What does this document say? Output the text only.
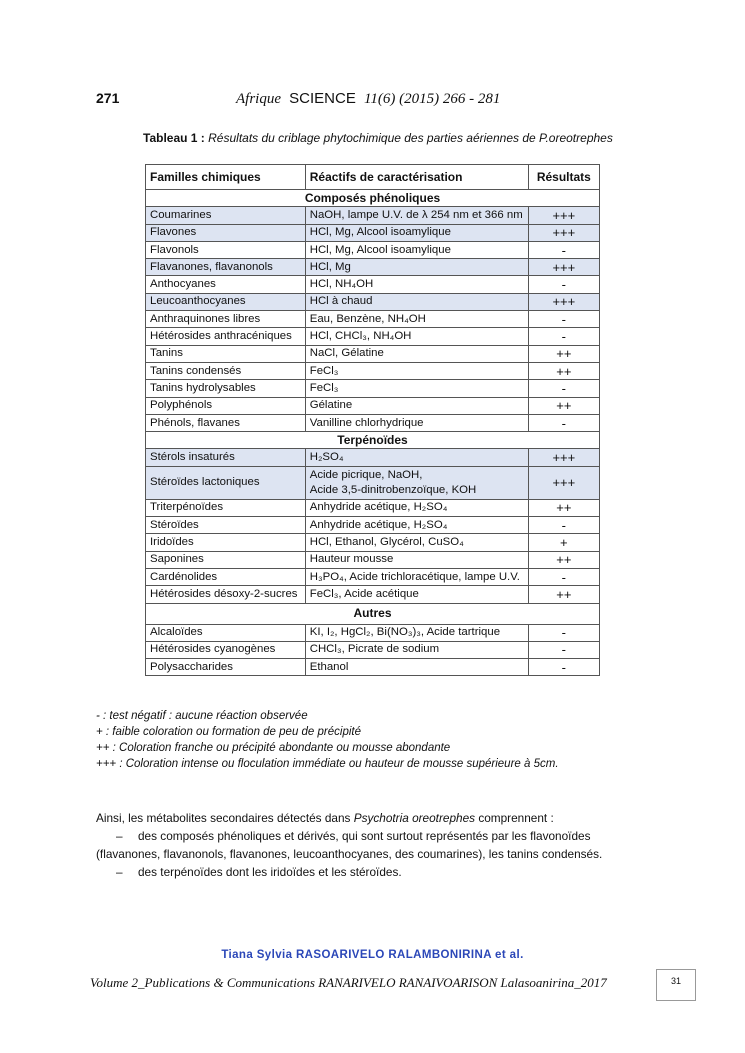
271	Afrique SCIENCE 11(6) (2015) 266 - 281
Tableau 1 : Résultats du criblage phytochimique des parties aériennes de P.oreotrephes
Familles chimiques	Réactifs de caractérisation	Résultats
Composés phénoliques		
Coumarines	NaOH, lampe U.V. de λ 254 nm et 366 nm	+++
Flavones	HCl, Mg, Alcool isoamylique	+++
Flavonols	HCl, Mg, Alcool isoamylique	-
Flavanones, flavanonols	HCl, Mg	+++
Anthocyanes	HCl, NH₄OH	-
Leucoanthocyanes	HCl à chaud	+++
Anthraquinones libres	Eau, Benzène, NH₄OH	-
Hétérosides anthracéniques	HCl, CHCl₃, NH₄OH	-
Tanins	NaCl, Gélatine	++
Tanins condensés	FeCl₃	++
Tanins hydrolysables	FeCl₃	-
Polyphénols	Gélatine	++
Phénols, flavanes	Vanilline chlorhydrique	-
Terpénoïdes		
Stérols insaturés	H₂SO₄	+++
Stéroïdes lactoniques	Acide picrique, NaOH,
Acide 3,5-dinitrobenzoïque, KOH	+++
Triterpénoïdes	Anhydride acétique, H₂SO₄	++
Stéroïdes	Anhydride acétique, H₂SO₄	-
Iridoïdes	HCl, Ethanol, Glycérol, CuSO₄	+
Saponines	Hauteur mousse	++
Cardénolides	H₃PO₄, Acide trichloracétique, lampe U.V.	-
Hétérosides désoxy-2-sucres	FeCl₃, Acide acétique	++
Autres		
Alcaloïdes	KI, I₂, HgCl₂, Bi(NO₃)₃, Acide tartrique	-
Hétérosides cyanogènes	CHCl₃, Picrate de sodium	-
Polysaccharides	Ethanol	-
- : test négatif : aucune réaction observée
+ : faible coloration ou formation de peu de précipité
++ : Coloration franche ou précipité abondante ou mousse abondante
+++ : Coloration intense ou floculation immédiate ou hauteur de mousse supérieure à 5cm.
Ainsi, les métabolites secondaires détectés dans Psychotria oreotrephes comprennent :
– des composés phénoliques et dérivés, qui sont surtout représentés par les flavonoïdes (flavanones, flavanonols, flavanones, leucoanthocyanes, des coumarines), les tanins condensés.
– des terpénoïdes dont les iridoïdes et les stéroïdes.
Tiana Sylvia RASOARIVELO RALAMBONIRINA et al.
Volume 2_Publications & Communications RANARIVELO RANAIVOARISON Lalasoanirina_2017	31
